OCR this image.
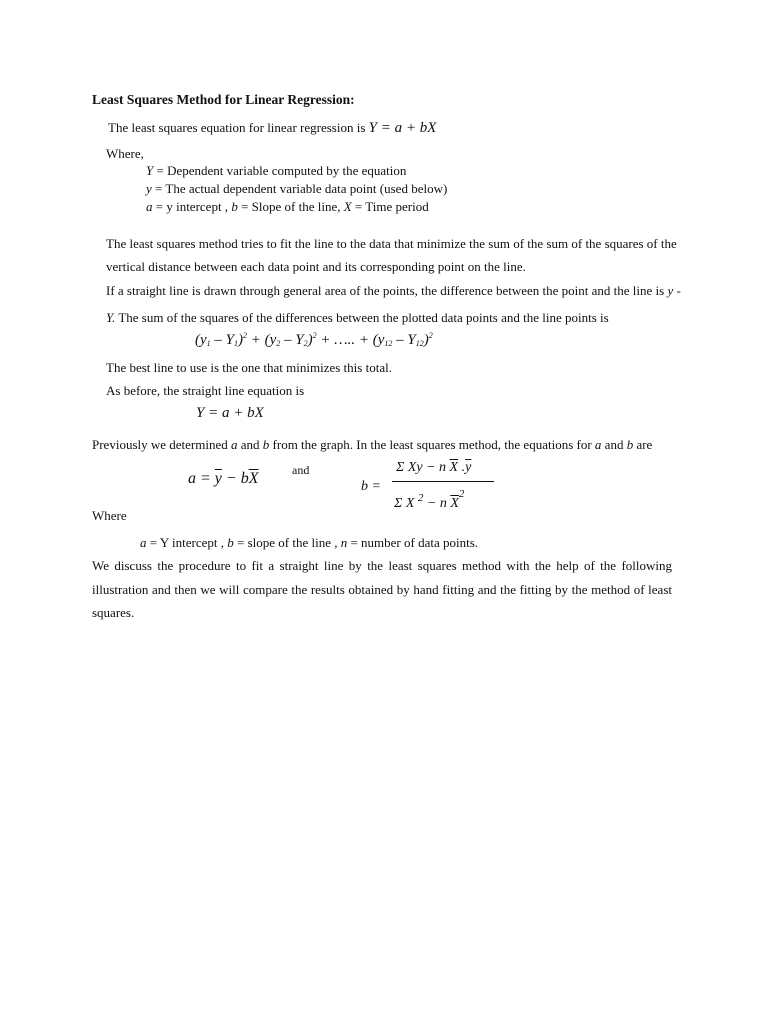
Least Squares Method for Linear Regression:
The least squares equation for linear regression is Y = a + bX
Where,
Y = Dependent variable computed by the equation
y = The actual dependent variable data point (used below)
a = y intercept , b = Slope of the line, X = Time period
The least squares method tries to fit the line to the data that minimize the sum of the sum of the squares of the
vertical distance between each data point and its corresponding point on the line.
If a straight line is drawn through general area of the points, the difference between the point and the line is y -
Y. The sum of the squares of the differences between the plotted data points and the line points is
$(y_1 - Y_1)^2 + (y_2 - Y_2)^2$ + ….. + $(y_{12} - Y_{12})^2$
The best line to use is the one that minimizes this total.
As before, the straight line equation is
Y = a + bX
Previously we determined a and b from the graph. In the least squares method, the equations for a and b are
$a = \overline{y} - b\overline{X}$	and
b =
Σ Xy − n $\overline{X}$ $.\overline{y}$
Σ X $^2$ − n $\overline{X}^2$
Where
a = Y intercept , b = slope of the line , n = number of data points.
We discuss the procedure to fit a straight line by the least squares method with the help of the following
illustration and then we will compare the results obtained by hand fitting and the fitting by the method of least
squares.
